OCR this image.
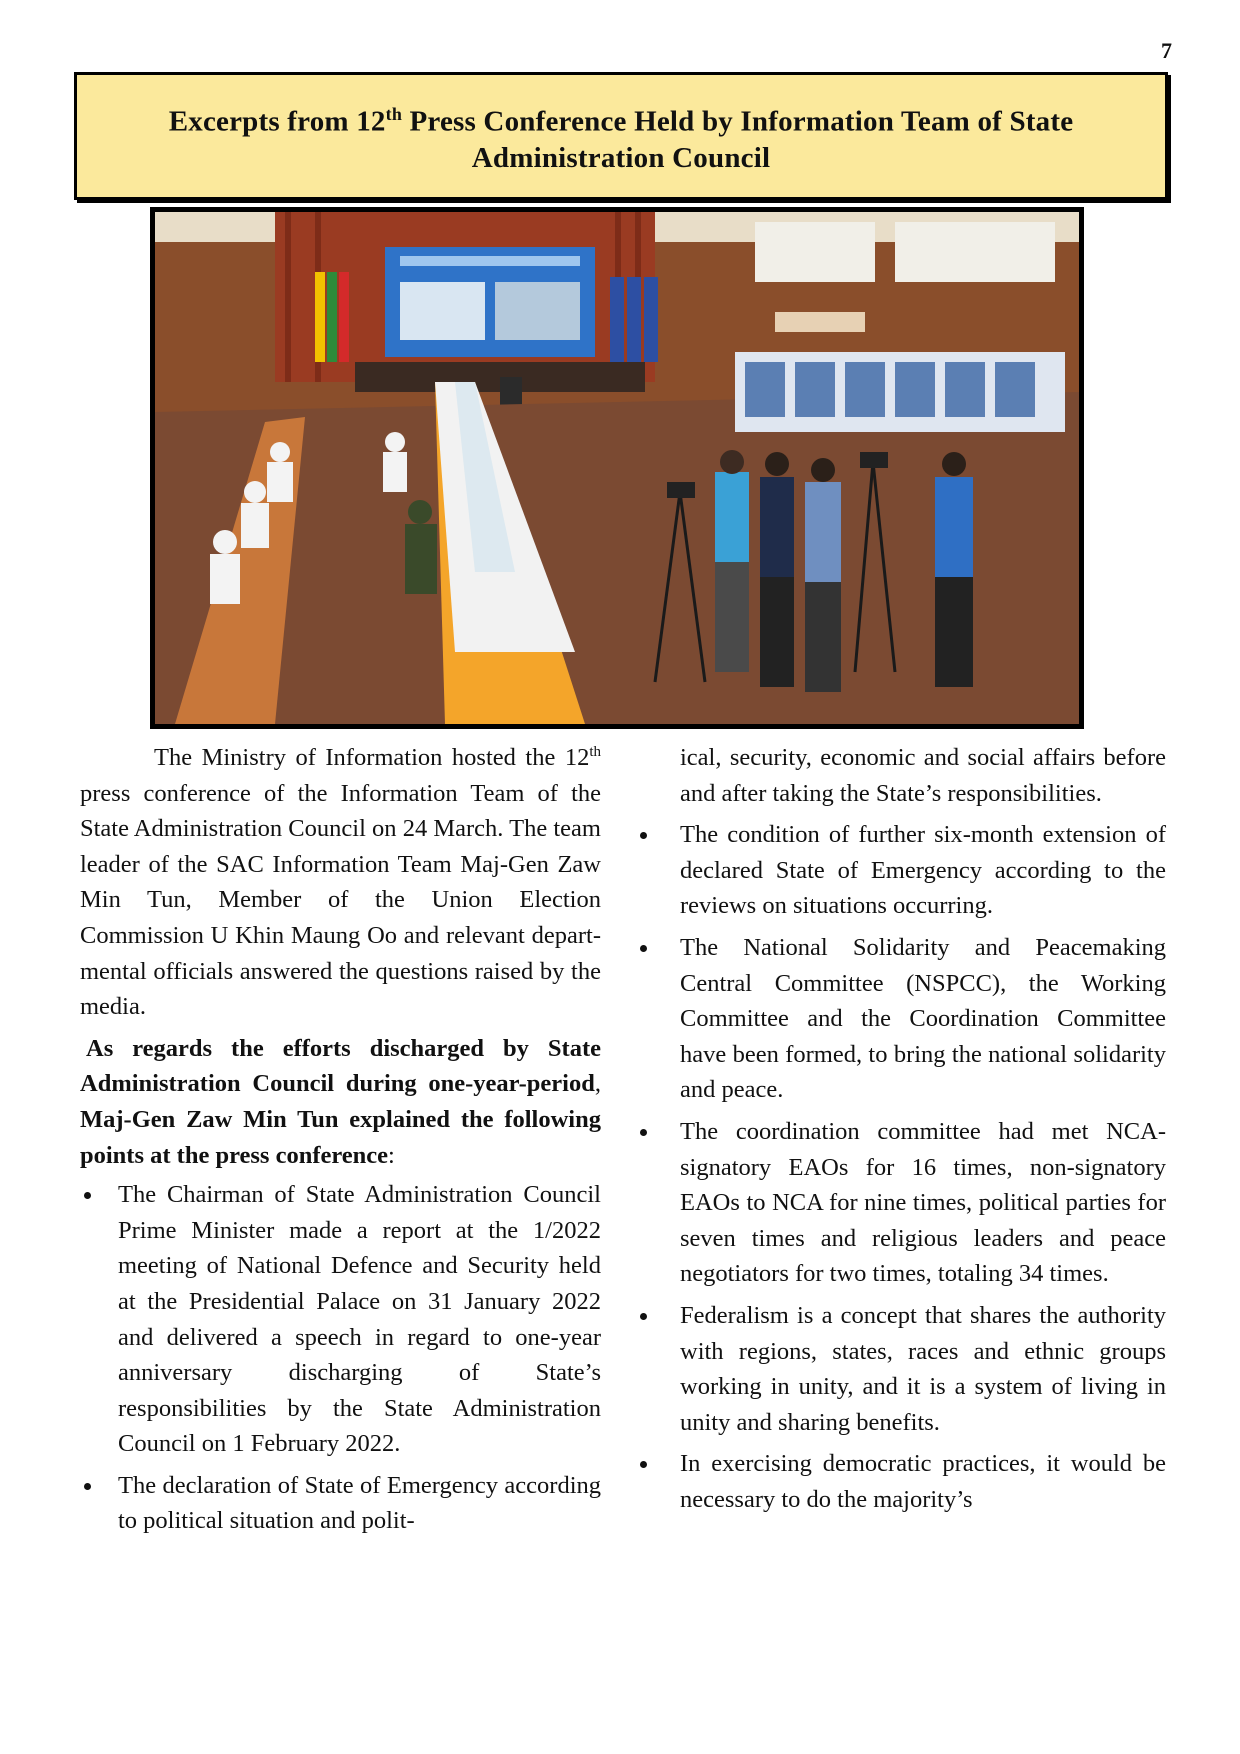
7
Excerpts from 12th Press Conference Held by Information Team of State
Administration Council

The Ministry of Information hosted the 12th press conference of the Information Team of the State Administration Council on 24 March. The team leader of the SAC Information Team Maj-Gen Zaw Min Tun, Member of the Union Election Commission U Khin Maung Oo and relevant departmental officials answered the questions raised by the media.

As regards the efforts discharged by State Administration Council during one-year-period, Maj-Gen Zaw Min Tun explained the following points at the press conference:

The Chairman of State Administration Council Prime Minister made a report at the 1/2022 meeting of National Defence and Security held at the Presidential Palace on 31 January 2022 and delivered a speech in regard to one-year anniversary discharging of State’s responsibilities by the State Administration Council on 1 February 2022.
The declaration of State of Emergency according to political situation and polit-

ical, security, economic and social affairs before and after taking the State’s responsibilities.

The condition of further six-month extension of declared State of Emergency according to the reviews on situations occurring.
The National Solidarity and Peacemaking Central Committee (NSPCC), the Working Committee and the Coordination Committee have been formed, to bring the national solidarity and peace.
The coordination committee had met NCA-signatory EAOs for 16 times, non-signatory EAOs to NCA for nine times, political parties for seven times and religious leaders and peace negotiators for two times, totaling 34 times.
Federalism is a concept that shares the authority with regions, states, races and ethnic groups working in unity, and it is a system of living in unity and sharing benefits.
In exercising democratic practices, it would be necessary to do the majority’s
